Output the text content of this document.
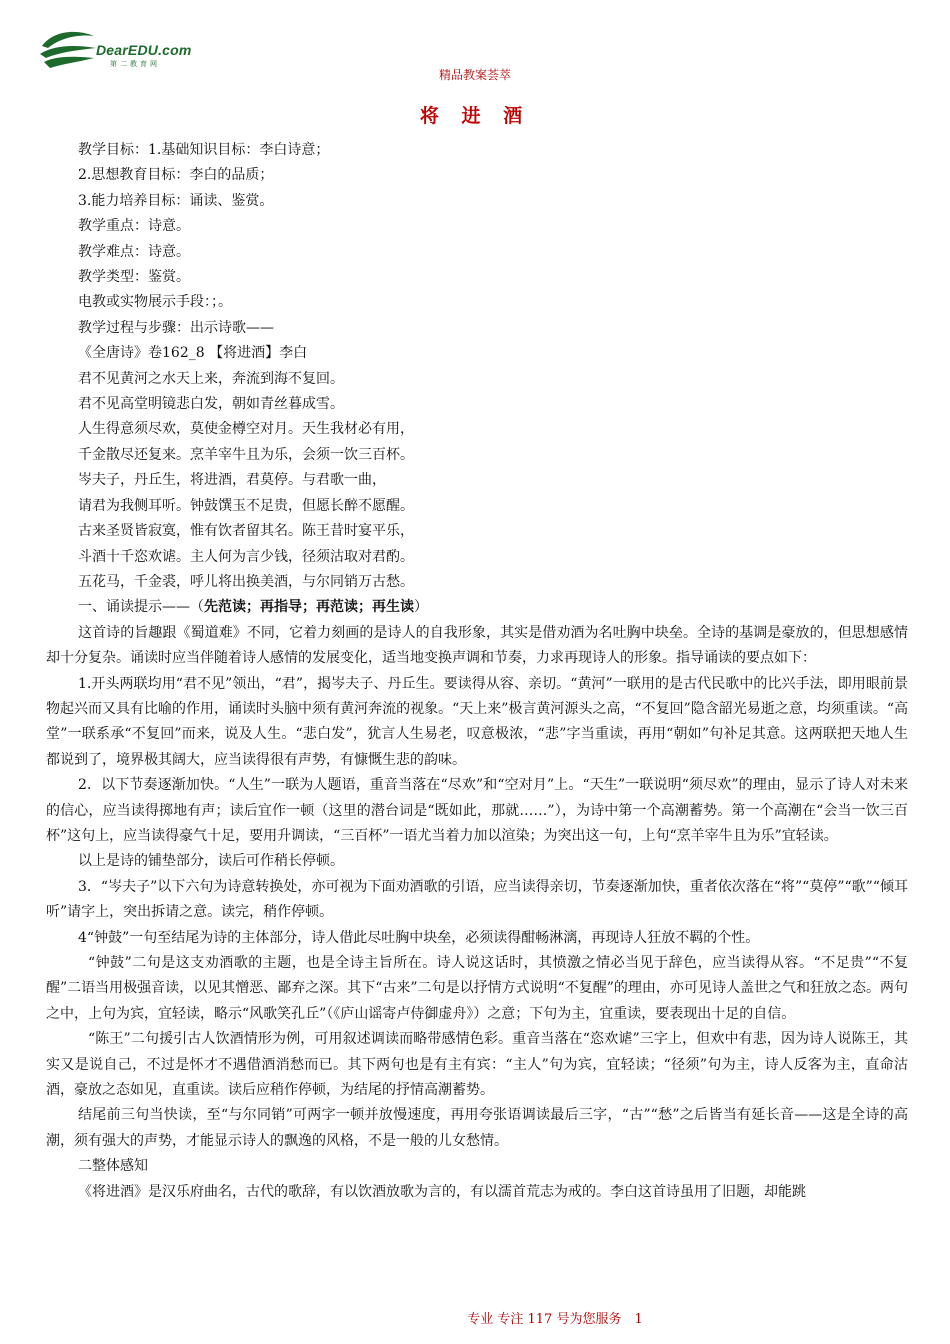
DearEDU.com
第二教育网
精品教案荟萃
将 进 酒

教学目标：1.基础知识目标：李白诗意；

2.思想教育目标：李白的品质；

3.能力培养目标：诵读、鉴赏。

教学重点：诗意。

教学难点：诗意。

教学类型：鉴赏。

电教或实物展示手段：；。

教学过程与步骤：出示诗歌——

《全唐诗》卷162_8 【将进酒】李白

君不见黄河之水天上来，奔流到海不复回。

君不见高堂明镜悲白发，朝如青丝暮成雪。

人生得意须尽欢，莫使金樽空对月。天生我材必有用，

千金散尽还复来。烹羊宰牛且为乐，会须一饮三百杯。

岑夫子，丹丘生，将进酒，君莫停。与君歌一曲，

请君为我侧耳听。钟鼓馔玉不足贵，但愿长醉不愿醒。

古来圣贤皆寂寞，惟有饮者留其名。陈王昔时宴平乐，

斗酒十千恣欢谑。主人何为言少钱，径须沽取对君酌。

五花马，千金裘，呼儿将出换美酒，与尔同销万古愁。

一、诵读提示——（先范读；再指导；再范读；再生读）

这首诗的旨趣跟《蜀道难》不同，它着力刻画的是诗人的自我形象，其实是借劝酒为名吐胸中块垒。全诗的基调是豪放的，但思想感情却十分复杂。诵读时应当伴随着诗人感情的发展变化，适当地变换声调和节奏，力求再现诗人的形象。指导诵读的要点如下：

1.开头两联均用“君不见”领出，“君”，揭岑夫子、丹丘生。要读得从容、亲切。“黄河”一联用的是古代民歌中的比兴手法，即用眼前景物起兴而又具有比喻的作用，诵读时头脑中须有黄河奔流的视象。“天上来”极言黄河源头之高，“不复回”隐含韶光易逝之意，均须重读。“高堂”一联系承“不复回”而来，说及人生。“悲白发”，犹言人生易老，叹意极浓，“悲”字当重读，再用“朝如”句补足其意。这两联把天地人生都说到了，境界极其阔大，应当读得很有声势，有慷慨生悲的韵味。

2．以下节奏逐渐加快。“人生”一联为人题语，重音当落在“尽欢”和“空对月”上。“天生”一联说明“须尽欢”的理由，显示了诗人对未来的信心，应当读得掷地有声；读后宜作一顿（这里的潜台词是“既如此，那就……”），为诗中第一个高潮蓄势。第一个高潮在“会当一饮三百杯”这句上，应当读得豪气十足，要用升调读，“三百杯”一语尤当着力加以渲染；为突出这一句，上句“烹羊宰牛且为乐”宜轻读。

以上是诗的铺垫部分，读后可作稍长停顿。

3．“岑夫子”以下六句为诗意转换处，亦可视为下面劝酒歌的引语，应当读得亲切，节奏逐渐加快，重者依次落在“将”“莫停”“歌”“倾耳听”请字上，突出拆请之意。读完，稍作停顿。

4“钟鼓”一句至结尾为诗的主体部分，诗人借此尽吐胸中块垒，必须读得酣畅淋漓，再现诗人狂放不羁的个性。

“钟鼓”二句是这支劝酒歌的主题，也是全诗主旨所在。诗人说这话时，其愤激之情必当见于辞色，应当读得从容。“不足贵”“不复醒”二语当用极强音读，以见其憎恶、鄙弃之深。其下“古来”二句是以抒情方式说明“不复醒”的理由，亦可见诗人盖世之气和狂放之态。两句之中，上句为宾，宜轻读，略示“风歌笑孔丘”（《庐山谣寄卢侍御虚舟》）之意；下句为主，宜重读，要表现出十足的自信。

“陈王”二句援引古人饮酒情形为例，可用叙述调读而略带感情色彩。重音当落在“恣欢谑”三字上，但欢中有悲，因为诗人说陈王，其实又是说自己，不过是怀才不遇借酒消愁而已。其下两句也是有主有宾：“主人”句为宾，宜轻读；“径须”句为主，诗人反客为主，直命沽酒，豪放之态如见，直重读。读后应稍作停顿，为结尾的抒情高潮蓄势。

结尾前三句当快读，至“与尔同销”可两字一顿并放慢速度，再用夸张语调读最后三字，“古”“愁”之后皆当有延长音——这是全诗的高潮，须有强大的声势，才能显示诗人的飘逸的风格，不是一般的儿女愁情。

二整体感知

《将进酒》是汉乐府曲名，古代的歌辞，有以饮酒放歌为言的，有以濡首荒志为戒的。李白这首诗虽用了旧题，却能跳

专业 专注 117 号为您服务　1
